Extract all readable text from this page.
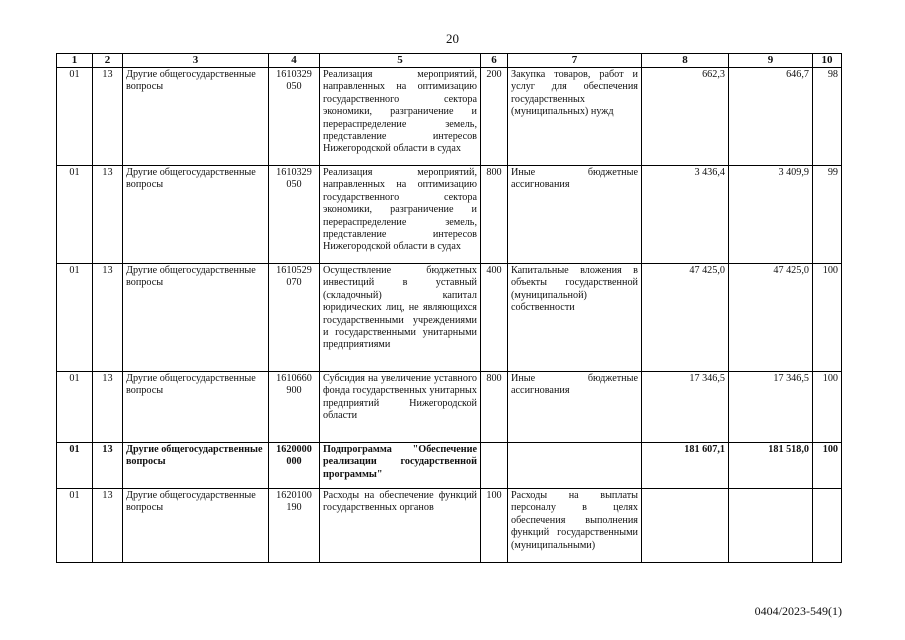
20
1	2	3	4	5	6	7	8	9	10
01	13	Другие общегосударственные вопросы	1610329 050	Реализация мероприятий, направленных на оптимизацию государственного сектора экономики, разграничение и перераспределение земель, представление интересов Нижегородской области в судах	200	Закупка товаров, работ и услуг для обеспечения государственных (муниципальных) нужд	662,3	646,7	98
01	13	Другие общегосударственные вопросы	1610329 050	Реализация мероприятий, направленных на оптимизацию государственного сектора экономики, разграничение и перераспределение земель, представление интересов Нижегородской области в судах	800	Иные бюджетные ассигнования	3 436,4	3 409,9	99
01	13	Другие общегосударственные вопросы	1610529 070	Осуществление бюджетных инвестиций в уставный (складочный) капитал юридических лиц, не являющихся государственными учреждениями и государственными унитарными предприятиями	400	Капитальные вложения в объекты государственной (муниципальной) собственности	47 425,0	47 425,0	100
01	13	Другие общегосударственные вопросы	1610660 900	Субсидия на увеличение уставного фонда государственных унитарных предприятий Нижегородской области	800	Иные бюджетные ассигнования	17 346,5	17 346,5	100
01	13	Другие общегосударственные вопросы	1620000 000	Подпрограмма "Обеспечение реализации государственной программы"			181 607,1	181 518,0	100
01	13	Другие общегосударственные вопросы	1620100 190	Расходы на обеспечение функций государственных органов	100	Расходы на выплаты персоналу в целях обеспечения выполнения функций государственными (муниципальными)			
0404/2023-549(1)
